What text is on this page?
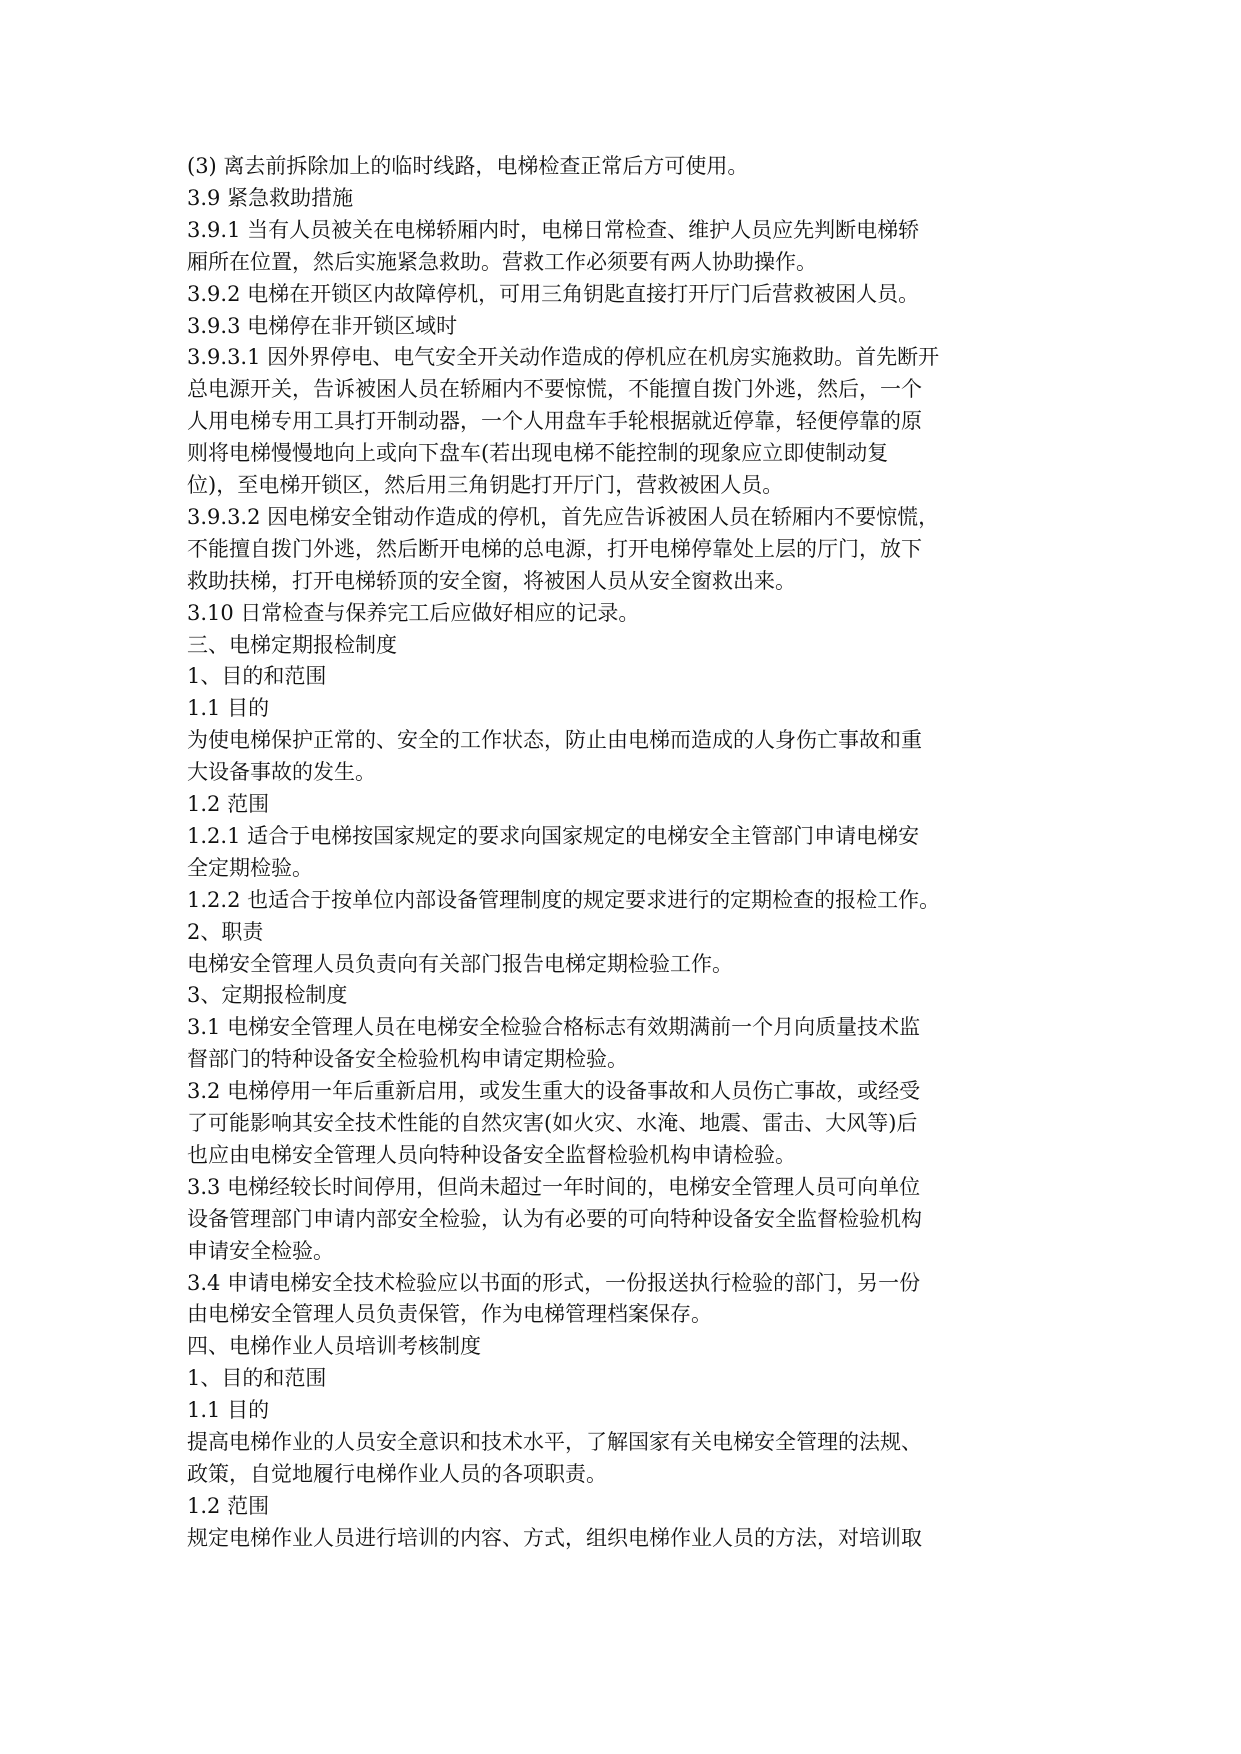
(3) 离去前拆除加上的临时线路，电梯检查正常后方可使用。
3.9 紧急救助措施
3.9.1 当有人员被关在电梯轿厢内时，电梯日常检查、维护人员应先判断电梯轿
厢所在位置，然后实施紧急救助。营救工作必须要有两人协助操作。
3.9.2 电梯在开锁区内故障停机，可用三角钥匙直接打开厅门后营救被困人员。
3.9.3 电梯停在非开锁区域时
3.9.3.1 因外界停电、电气安全开关动作造成的停机应在机房实施救助。首先断开
总电源开关，告诉被困人员在轿厢内不要惊慌，不能擅自拨门外逃，然后，一个
人用电梯专用工具打开制动器，一个人用盘车手轮根据就近停靠，轻便停靠的原
则将电梯慢慢地向上或向下盘车(若出现电梯不能控制的现象应立即使制动复
位)，至电梯开锁区，然后用三角钥匙打开厅门，营救被困人员。
3.9.3.2 因电梯安全钳动作造成的停机，首先应告诉被困人员在轿厢内不要惊慌，
不能擅自拨门外逃，然后断开电梯的总电源，打开电梯停靠处上层的厅门，放下
救助扶梯，打开电梯轿顶的安全窗，将被困人员从安全窗救出来。
3.10 日常检查与保养完工后应做好相应的记录。
三、电梯定期报检制度
1、目的和范围
1.1 目的
为使电梯保护正常的、安全的工作状态，防止由电梯而造成的人身伤亡事故和重
大设备事故的发生。
1.2 范围
1.2.1 适合于电梯按国家规定的要求向国家规定的电梯安全主管部门申请电梯安
全定期检验。
1.2.2 也适合于按单位内部设备管理制度的规定要求进行的定期检查的报检工作。
2、职责
电梯安全管理人员负责向有关部门报告电梯定期检验工作。
3、定期报检制度
3.1 电梯安全管理人员在电梯安全检验合格标志有效期满前一个月向质量技术监
督部门的特种设备安全检验机构申请定期检验。
3.2 电梯停用一年后重新启用，或发生重大的设备事故和人员伤亡事故，或经受
了可能影响其安全技术性能的自然灾害(如火灾、水淹、地震、雷击、大风等)后
也应由电梯安全管理人员向特种设备安全监督检验机构申请检验。
3.3 电梯经较长时间停用，但尚未超过一年时间的，电梯安全管理人员可向单位
设备管理部门申请内部安全检验，认为有必要的可向特种设备安全监督检验机构
申请安全检验。
3.4 申请电梯安全技术检验应以书面的形式，一份报送执行检验的部门，另一份
由电梯安全管理人员负责保管，作为电梯管理档案保存。
四、电梯作业人员培训考核制度
1、目的和范围
1.1 目的
提高电梯作业的人员安全意识和技术水平，了解国家有关电梯安全管理的法规、
政策，自觉地履行电梯作业人员的各项职责。
1.2 范围
规定电梯作业人员进行培训的内容、方式，组织电梯作业人员的方法，对培训取
